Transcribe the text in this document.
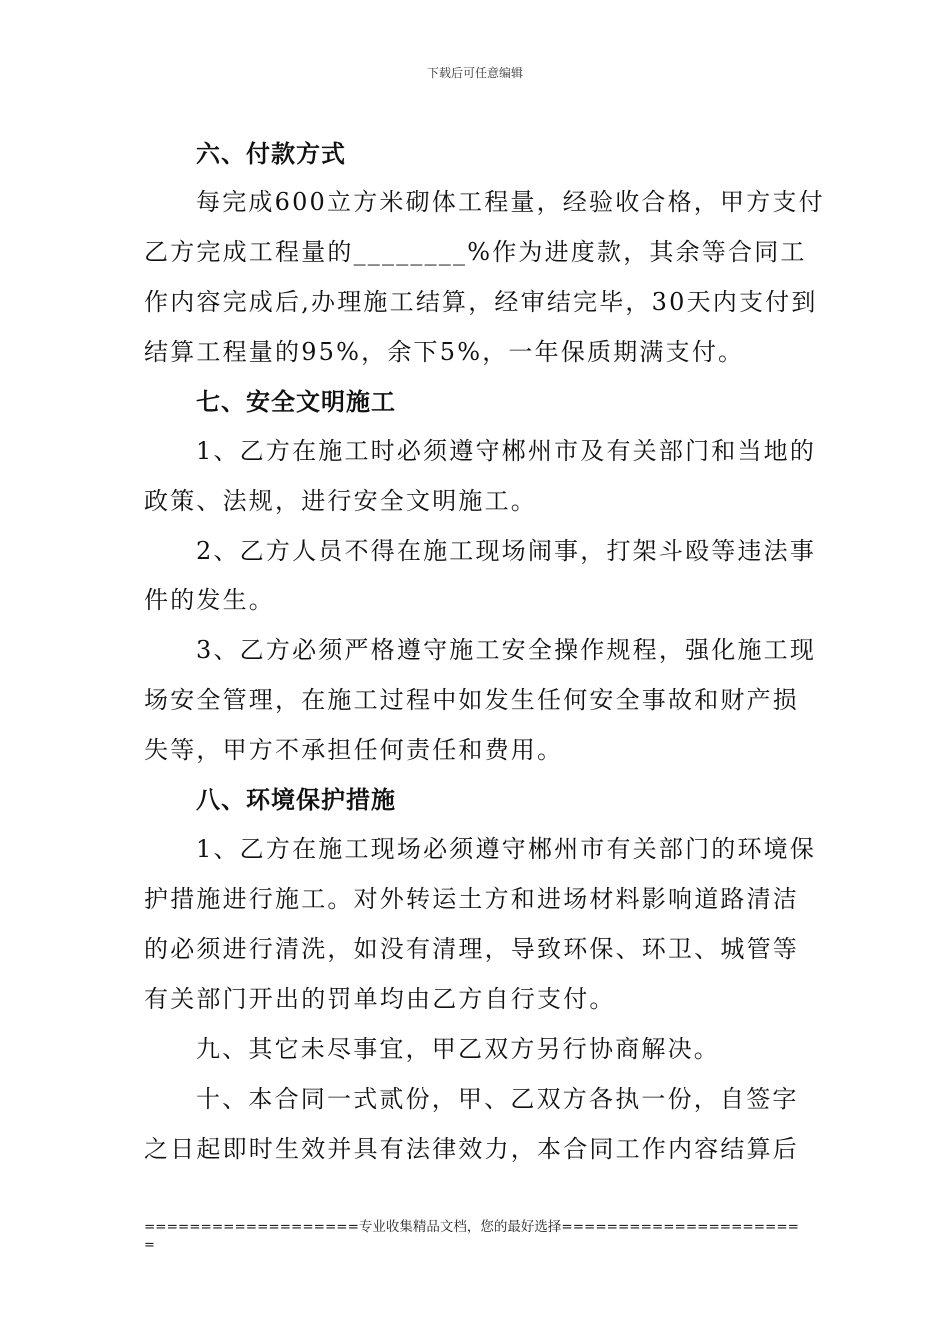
下载后可任意编辑
六、付款方式
每完成600立方米砌体工程量，经验收合格，甲方支付
乙方完成工程量的________%作为进度款，其余等合同工
作内容完成后,办理施工结算，经审结完毕，30天内支付到
结算工程量的95%，余下5%，一年保质期满支付。
七、安全文明施工
1、乙方在施工时必须遵守郴州市及有关部门和当地的
政策、法规，进行安全文明施工。
2、乙方人员不得在施工现场闹事，打架斗殴等违法事
件的发生。
3、乙方必须严格遵守施工安全操作规程，强化施工现
场安全管理，在施工过程中如发生任何安全事故和财产损
失等，甲方不承担任何责任和费用。
八、环境保护措施
1、乙方在施工现场必须遵守郴州市有关部门的环境保
护措施进行施工。对外转运土方和进场材料影响道路清洁
的必须进行清洗，如没有清理，导致环保、环卫、城管等
有关部门开出的罚单均由乙方自行支付。
九、其它未尽事宜，甲乙双方另行协商解决。
十、本合同一式贰份，甲、乙双方各执一份，自签字
之日起即时生效并具有法律效力，本合同工作内容结算后
===================专业收集精品文档，您的最好选择=====================
=
